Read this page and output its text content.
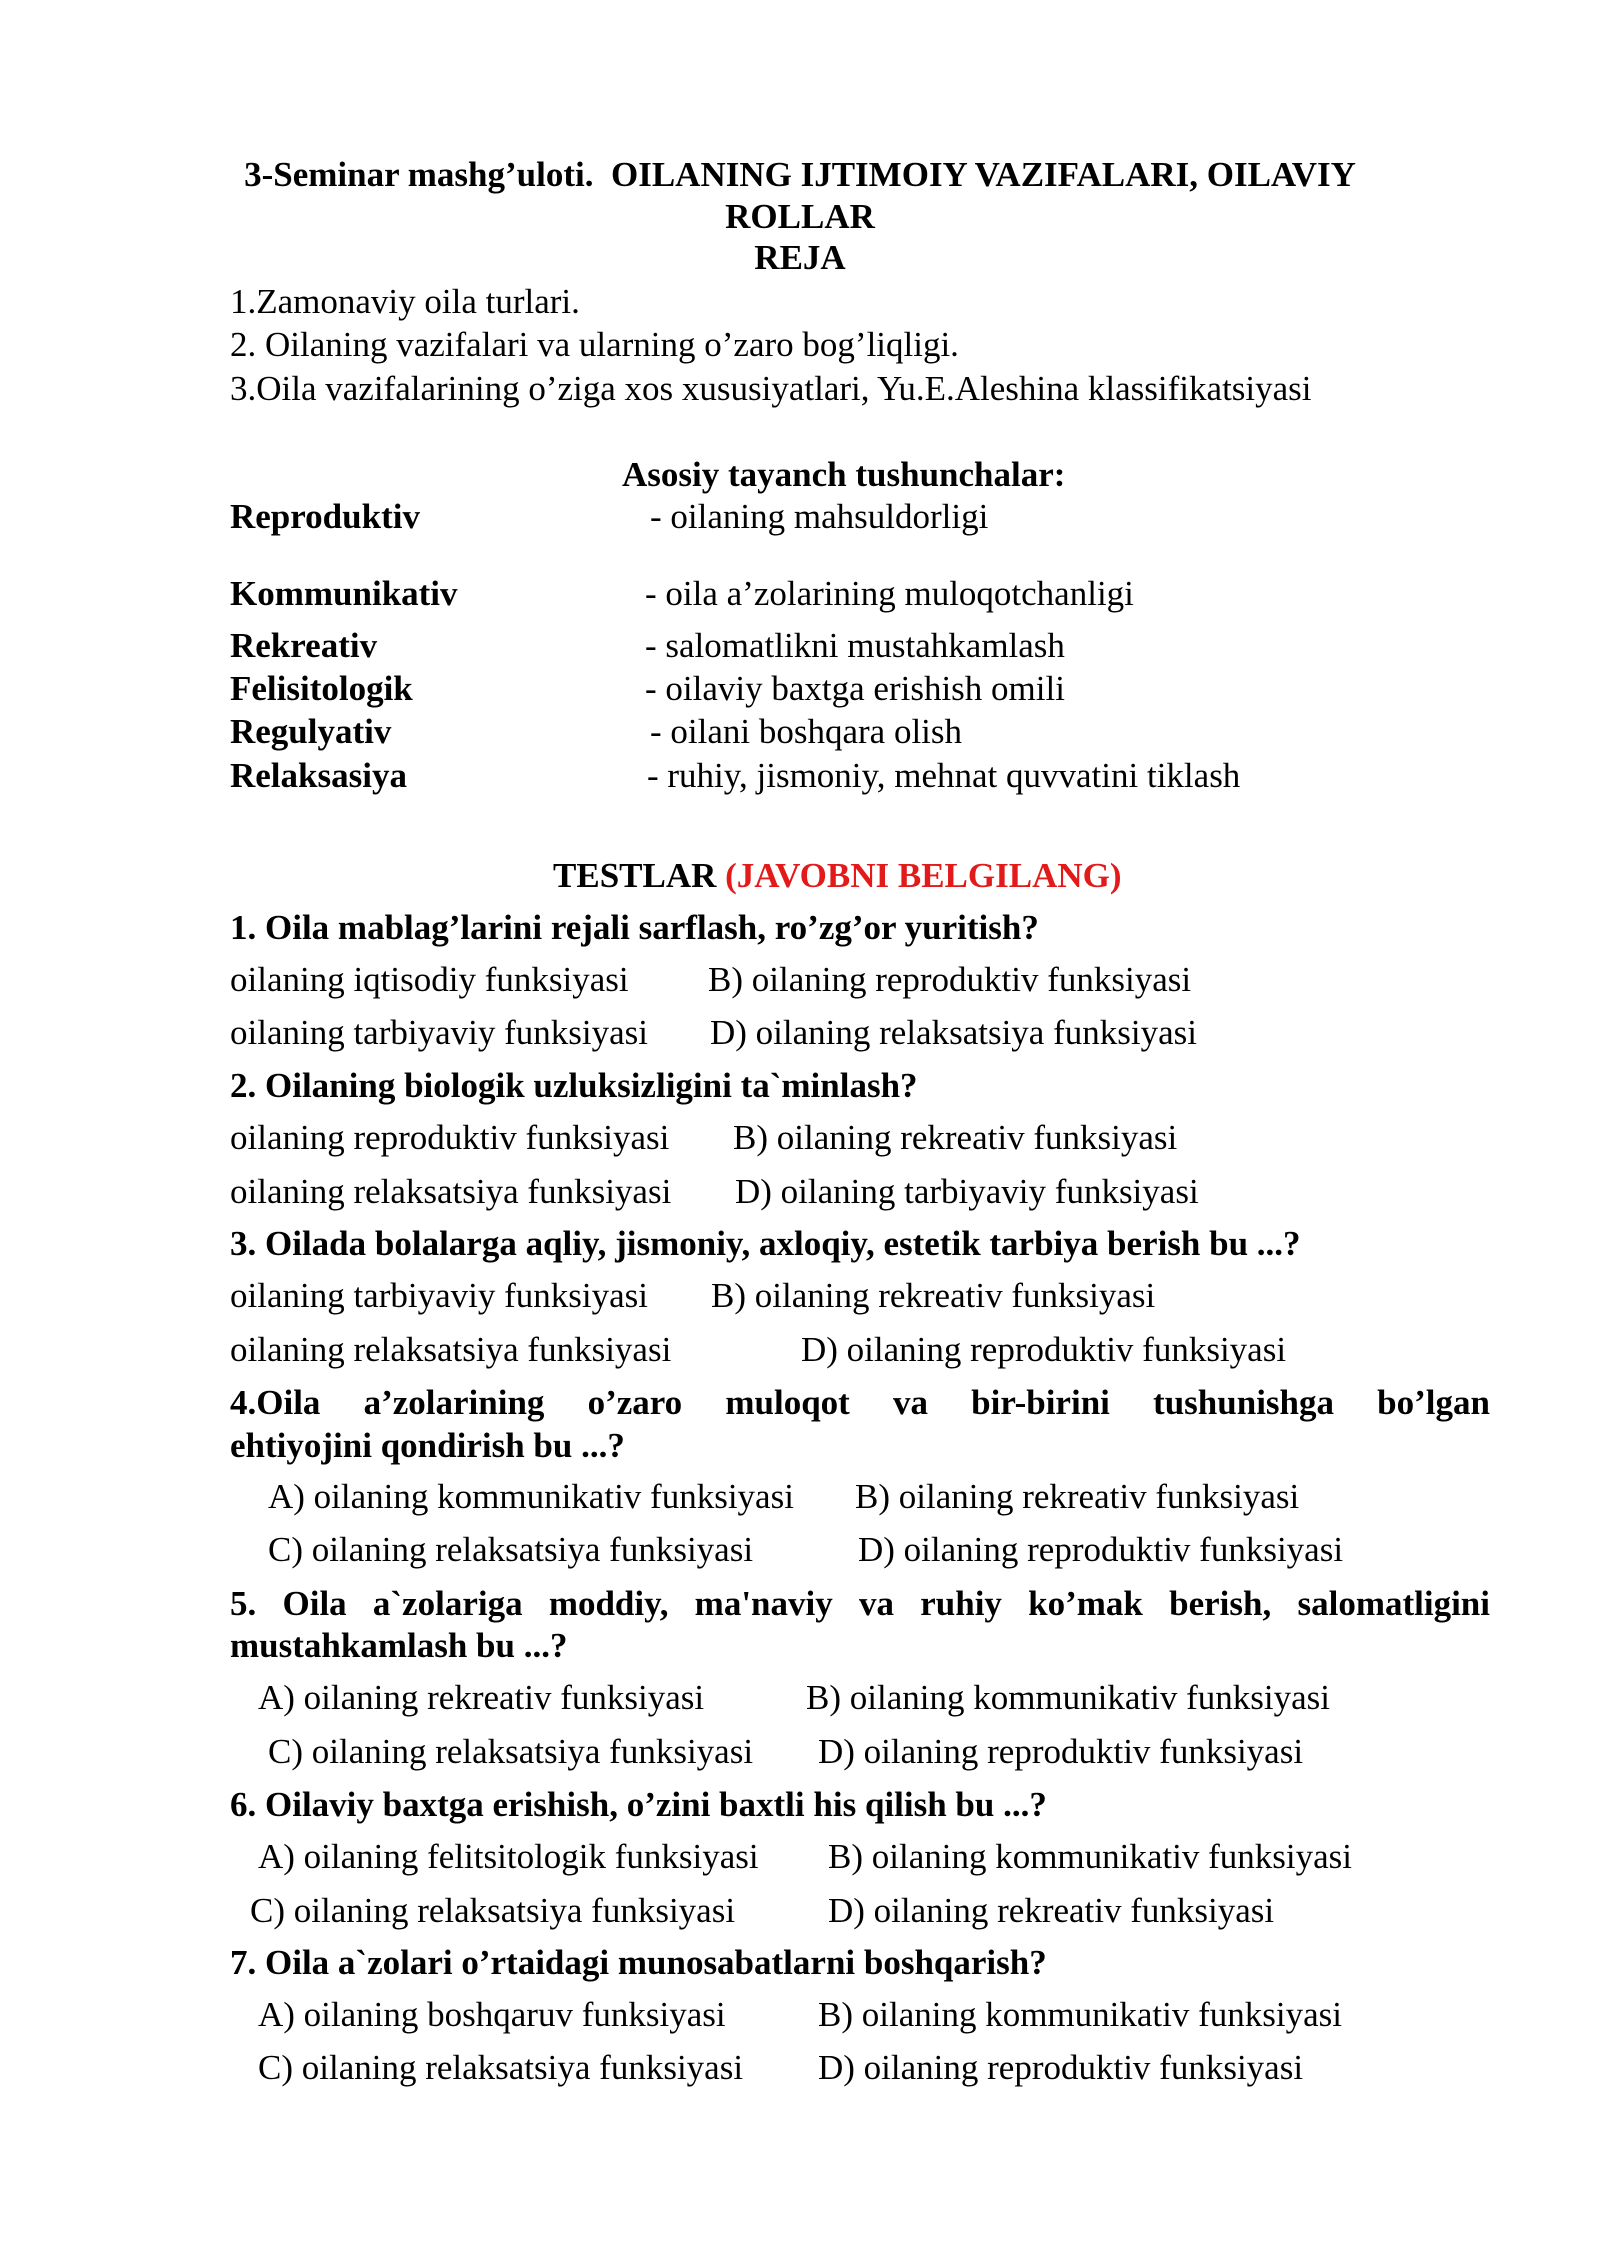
3-Seminar mashg’uloti. OILANING IJTIMOIY VAZIFALARI, OILAVIY
ROLLAR
REJA
1.Zamonaviy oila turlari.
2. Oilaning vazifalari va ularning o’zaro bog’liqligi.
3.Oila vazifalarining o’ziga xos xususiyatlari, Yu.E.Aleshina klassifikatsiyasi
Asosiy tayanch tushunchalar:
Reproduktiv	- oilaning mahsuldorligi
Kommunikativ	- oila a’zolarining muloqotchanligi
Rekreativ	- salomatlikni mustahkamlash
Felisitologik	- oilaviy baxtga erishish omili
Regulyativ	- oilani boshqara olish
Relaksasiya	- ruhiy, jismoniy, mehnat quvvatini tiklash
TESTLAR (JAVOBNI BELGILANG)
1. Oila mablag’larini rejali sarflash, ro’zg’or yuritish?
oilaning iqtisodiy funksiyasi B) oilaning reproduktiv funksiyasi
oilaning tarbiyaviy funksiyasi D) oilaning relaksatsiya funksiyasi
2. Oilaning biologik uzluksizligini ta`minlash?
oilaning reproduktiv funksiyasi B) oilaning rekreativ funksiyasi
oilaning relaksatsiya funksiyasi D) oilaning tarbiyaviy funksiyasi
3. Oilada bolalarga aqliy, jismoniy, axloqiy, estetik tarbiya berish bu ...?
oilaning tarbiyaviy funksiyasi B) oilaning rekreativ funksiyasi
oilaning relaksatsiya funksiyasi	D) oilaning reproduktiv funksiyasi
4.Oila a’zolarining o’zaro muloqot va bir-birini tushunishga bo’lgan
ehtiyojini qondirish bu ...?
A) oilaning kommunikativ funksiyasi B) oilaning rekreativ funksiyasi
C) oilaning relaksatsiya funksiyasi	D) oilaning reproduktiv funksiyasi
5. Oila a`zolariga moddiy, ma'naviy va ruhiy ko’mak berish, salomatligini
mustahkamlash bu ...?
A) oilaning rekreativ funksiyasi	B) oilaning kommunikativ funksiyasi
C) oilaning relaksatsiya funksiyasi D) oilaning reproduktiv funksiyasi
6. Oilaviy baxtga erishish, o’zini baxtli his qilish bu ...?
A) oilaning felitsitologik funksiyasi B) oilaning kommunikativ funksiyasi
C) oilaning relaksatsiya funksiyasi	D) oilaning rekreativ funksiyasi
7. Oila a`zolari o’rtaidagi munosabatlarni boshqarish?
A) oilaning boshqaruv funksiyasi	B) oilaning kommunikativ funksiyasi
C) oilaning relaksatsiya funksiyasi D) oilaning reproduktiv funksiyasi
